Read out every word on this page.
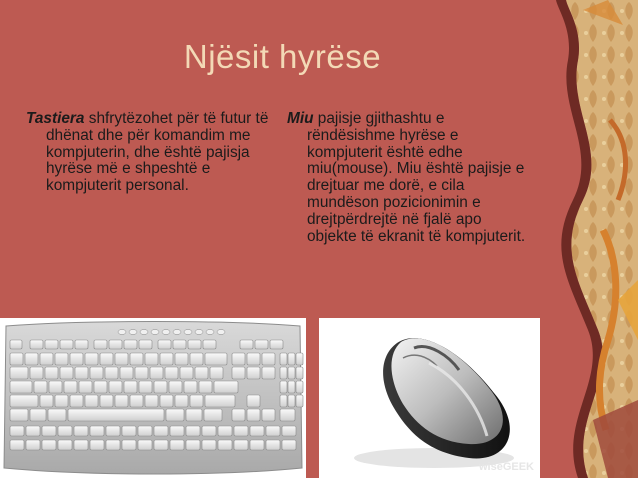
Njësit hyrëse

Tastiera shfrytëzohet për të futur të dhënat dhe për komandim me kompjuterin, dhe është pajisja hyrëse më e shpeshtë e kompjuterit personal.

Miu pajisje gjithashtu e rëndësishme hyrëse e kompjuterit është edhe miu(mouse). Miu është pajisje e drejtuar me dorë, e cila mundëson pozicionimin e drejtpërdrejtë në fjalë apo objekte të ekranit të kompjuterit.

wiseGEEK
